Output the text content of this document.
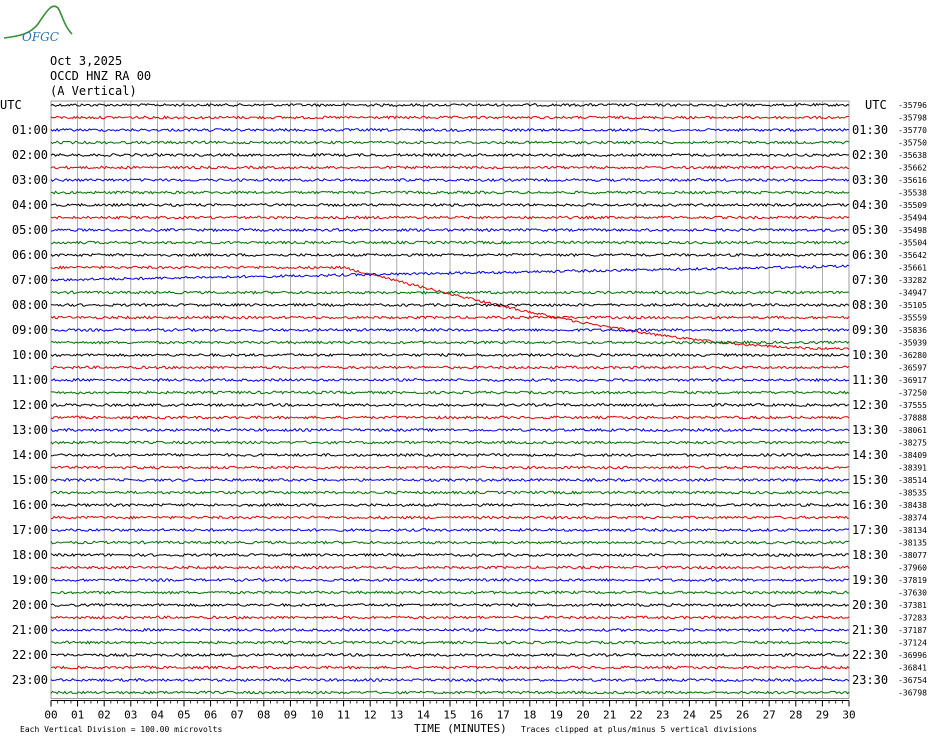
OFGC
Oct 3,2025
OCCD HNZ RA 00
(A Vertical)
01:00
02:00
03:00
04:00
05:00
06:00
07:00
08:00
09:00
10:00
11:00
12:00
13:00
14:00
15:00
16:00
17:00
18:00
19:00
20:00
21:00
22:00
23:00
01:30
02:30
03:30
04:30
05:30
06:30
07:30
08:30
09:30
10:30
11:30
12:30
13:30
14:30
15:30
16:30
17:30
18:30
19:30
20:30
21:30
22:30
23:30
UTC	UTC -35796
-35798
-35770
-35750
-35638
-35662
-35616
-35538
-35509
-35494
-35498
-35504
-35642
-35661
-33282
-34947
-35105
-35559
-35836
-35939
-36280
-36597
-36917
-37250
-37555
-37888
-38061
-38275
-38409
-38391
-38514
-38535
-38438
-38374
-38134
-38135
-38077
-37960
-37819
-37630
-37381
-37283
-37187
-37124
-36996
-36841
-36754
-36798
00 01 02 03 04 05 06 07 08 09 10 11 12 13 14 15 16 17 18 19 20 21 22 23 24 25 26 27 28 29 30
Each Vertical Division = 100.00 microvolts	TIME (MINUTES) Traces clipped at plus/minus 5 vertical divisions
